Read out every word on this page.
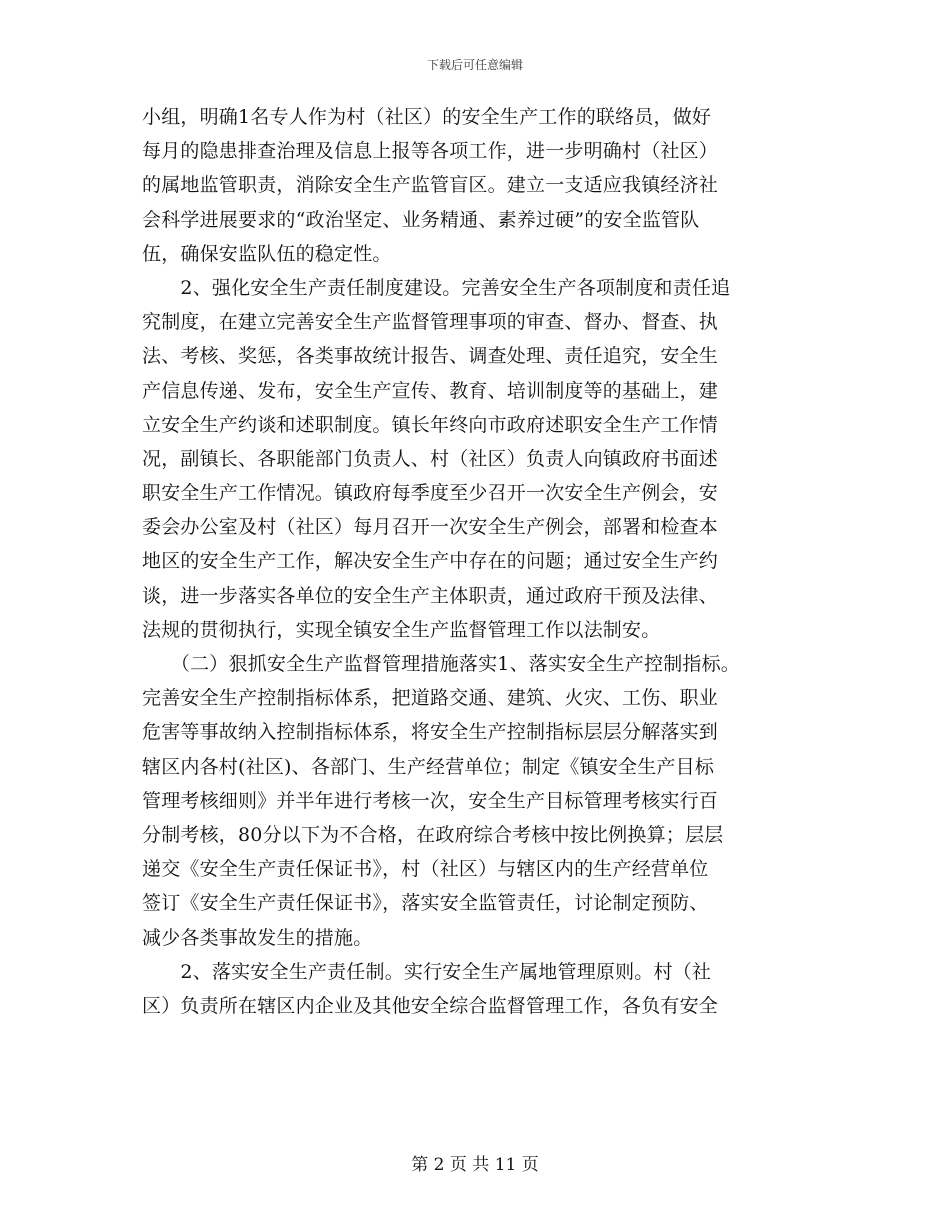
下载后可任意编辑
小组，明确1名专人作为村（社区）的安全生产工作的联络员，做好
每月的隐患排查治理及信息上报等各项工作，进一步明确村（社区）
的属地监管职责，消除安全生产监管盲区。建立一支适应我镇经济社
会科学进展要求的“政治坚定、业务精通、素养过硬”的安全监管队
伍，确保安监队伍的稳定性。
　　2、强化安全生产责任制度建设。完善安全生产各项制度和责任追
究制度，在建立完善安全生产监督管理事项的审查、督办、督查、执
法、考核、奖惩，各类事故统计报告、调查处理、责任追究，安全生
产信息传递、发布，安全生产宣传、教育、培训制度等的基础上，建
立安全生产约谈和述职制度。镇长年终向市政府述职安全生产工作情
况，副镇长、各职能部门负责人、村（社区）负责人向镇政府书面述
职安全生产工作情况。镇政府每季度至少召开一次安全生产例会，安
委会办公室及村（社区）每月召开一次安全生产例会，部署和检查本
地区的安全生产工作，解决安全生产中存在的问题；通过安全生产约
谈，进一步落实各单位的安全生产主体职责，通过政府干预及法律、
法规的贯彻执行，实现全镇安全生产监督管理工作以法制安。
　　（二）狠抓安全生产监督管理措施落实1、落实安全生产控制指标。
完善安全生产控制指标体系，把道路交通、建筑、火灾、工伤、职业
危害等事故纳入控制指标体系，将安全生产控制指标层层分解落实到
辖区内各村(社区)、各部门、生产经营单位；制定《镇安全生产目标
管理考核细则》并半年进行考核一次，安全生产目标管理考核实行百
分制考核，80分以下为不合格，在政府综合考核中按比例换算；层层
递交《安全生产责任保证书》，村（社区）与辖区内的生产经营单位
签订《安全生产责任保证书》，落实安全监管责任，讨论制定预防、
减少各类事故发生的措施。
　　2、落实安全生产责任制。实行安全生产属地管理原则。村（社
区）负责所在辖区内企业及其他安全综合监督管理工作，各负有安全
第 2 页 共 11 页
